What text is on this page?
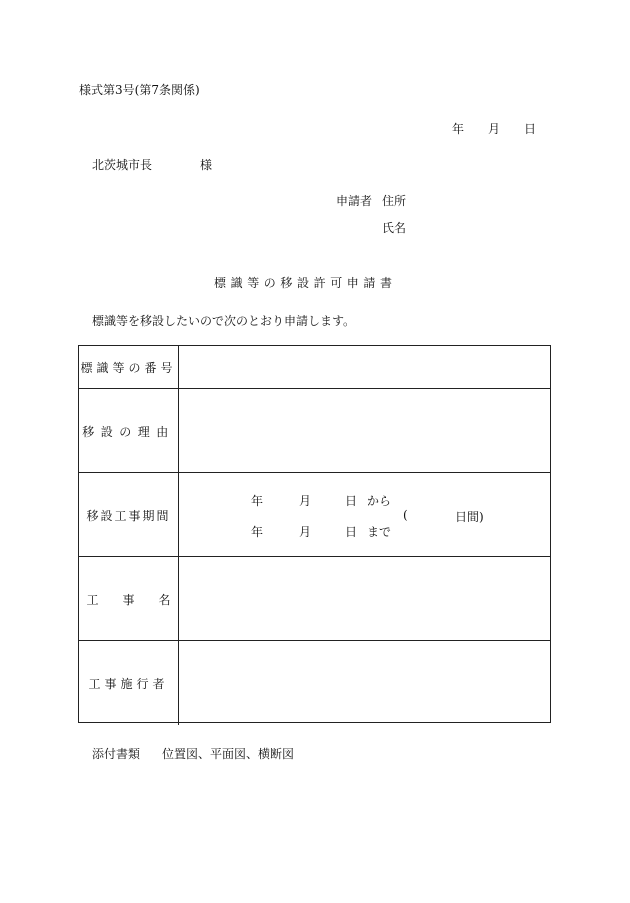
様式第3号(第7条関係)
年 月 日
北茨城市長	様
申請者 住所
氏名
標識等の移設許可申請書
標識等を移設したいので次のとおり申請します。
標識等の番号
移設の理由
移設工事期間
年	月	日 から
(	日間)
年	月	日 まで
工 事 名
工事施行者
添付書類 位置図、平面図、横断図
